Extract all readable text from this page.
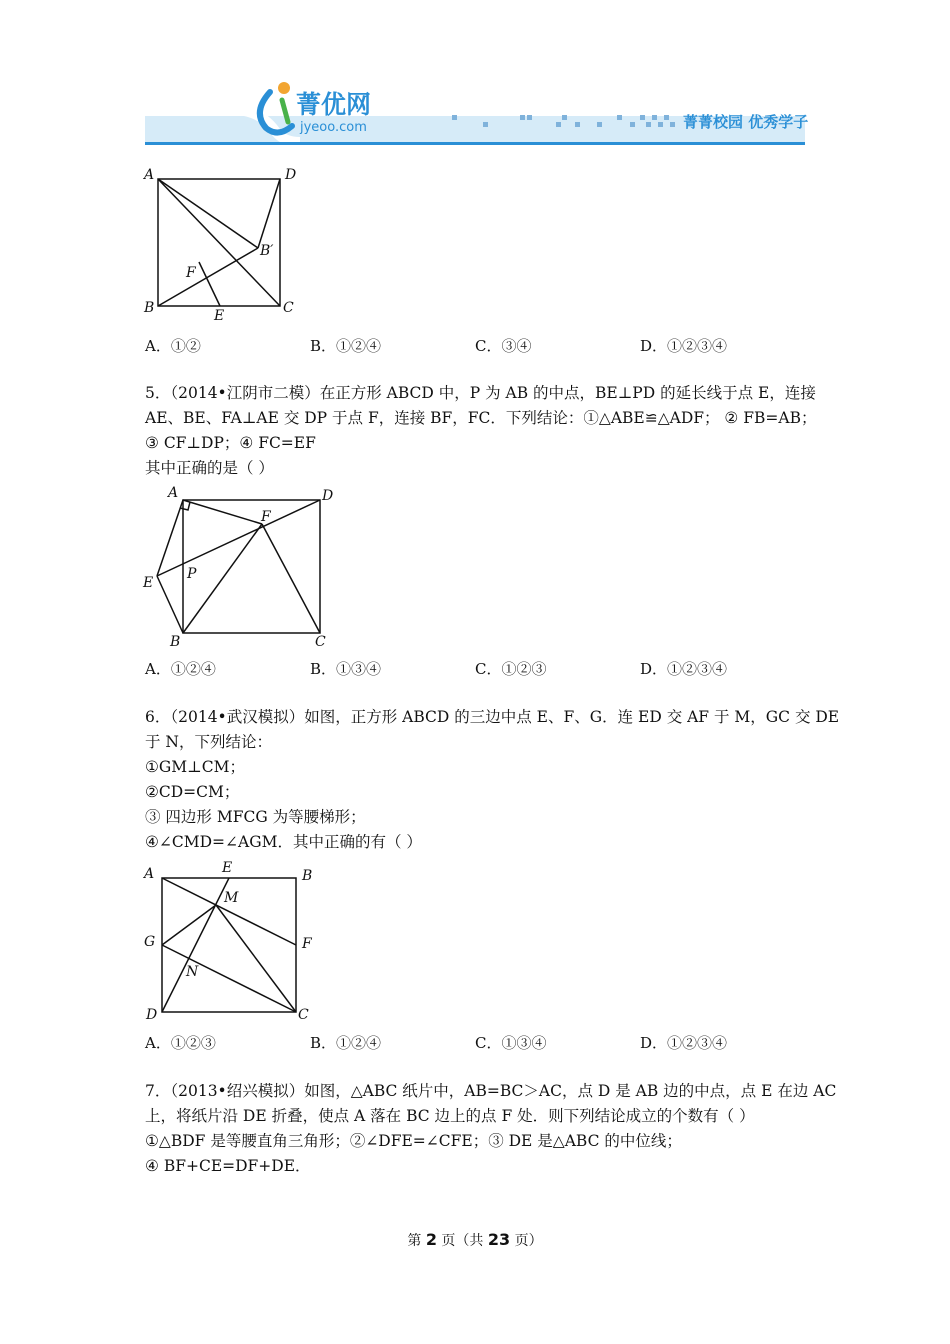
菁优网
jyeoo.com	菁菁校园 优秀学子
A	D
B	C
E
F
B′
A．①②	B．①②④	C．③④	D．①②③④
5．（2014•江阴市二模）在正方形 ABCD 中，P 为 AB 的中点，BE⊥PD 的延长线于点 E，连接
AE、BE、FA⊥AE 交 DP 于点 F，连接 BF，FC．下列结论：①△ABE≌△ADF； ② FB=AB；
③ CF⊥DP；④ FC=EF
其中正确的是（ ）
A	D
E
F
P
B	C
A．①②④	B．①③④	C．①②③	D．①②③④
6．（2014•武汉模拟）如图，正方形 ABCD 的三边中点 E、F、G．连 ED 交 AF 于 M，GC 交 DE
于 N，下列结论：
①GM⊥CM；
②CD=CM；
③ 四边形 MFCG 为等腰梯形；
④∠CMD=∠AGM．其中正确的有（ ）
A	E	B
M
G	F
N
D	C
A．①②③	B．①②④	C．①③④	D．①②③④
7．（2013•绍兴模拟）如图，△ABC 纸片中，AB=BC＞AC，点 D 是 AB 边的中点，点 E 在边 AC
上，将纸片沿 DE 折叠，使点 A 落在 BC 边上的点 F 处．则下列结论成立的个数有（ ）
①△BDF 是等腰直角三角形；②∠DFE=∠CFE；③ DE 是△ABC 的中位线；
④ BF+CE=DF+DE．
第 2 页（共 23 页）
